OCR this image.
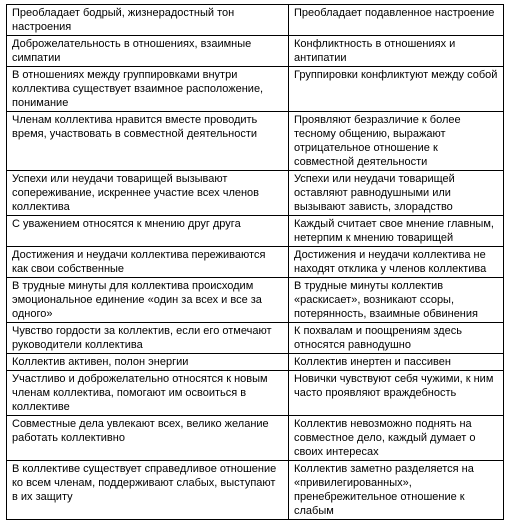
Преобладает бодрый, жизнерадостный тон настроения	Преобладает подавленное настроение
Доброжелательность в отношениях, взаимные симпатии	Конфликтность в отношениях и антипатии
В отношениях между группировками внутри коллектива существует взаимное расположение, понимание	Группировки конфликтуют между собой
Членам коллектива нравится вместе проводить время, участвовать в совместной деятельности	Проявляют безразличие к более тесному общению, выражают отрицательное отношение к совместной деятельности
Успехи или неудачи товарищей вызывают сопереживание, искреннее участие всех членов коллектива	Успехи или неудачи товарищей оставляют равнодушными или вызывают зависть, злорадство
С уважением относятся к мнению друг друга	Каждый считает свое мнение главным, нетерпим к мнению товарищей
Достижения и неудачи коллектива переживаются как свои собственные	Достижения и неудачи коллектива не находят отклика у членов коллектива
В трудные минуты для коллектива происходим эмоциональное единение «один за всех и все за одного»	В трудные минуты коллектив «раскисает», возникают ссоры, потерянность, взаимные обвинения
Чувство гордости за коллектив, если его отмечают руководители коллектива	К похвалам и поощрениям здесь относятся равнодушно
Коллектив активен, полон энергии	Коллектив инертен и пассивен
Участливо и доброжелательно относятся к новым членам коллектива, помогают им освоиться в коллективе	Новички чувствуют себя чужими, к ним часто проявляют враждебность
Совместные дела увлекают всех, велико желание работать коллективно	Коллектив невозможно поднять на совместное дело, каждый думает о своих интересах
В коллективе существует справедливое отношение ко всем членам, поддерживают слабых, выступают в их защиту	Коллектив заметно разделяется на «привилегированных», пренебрежительное отношение к слабым
